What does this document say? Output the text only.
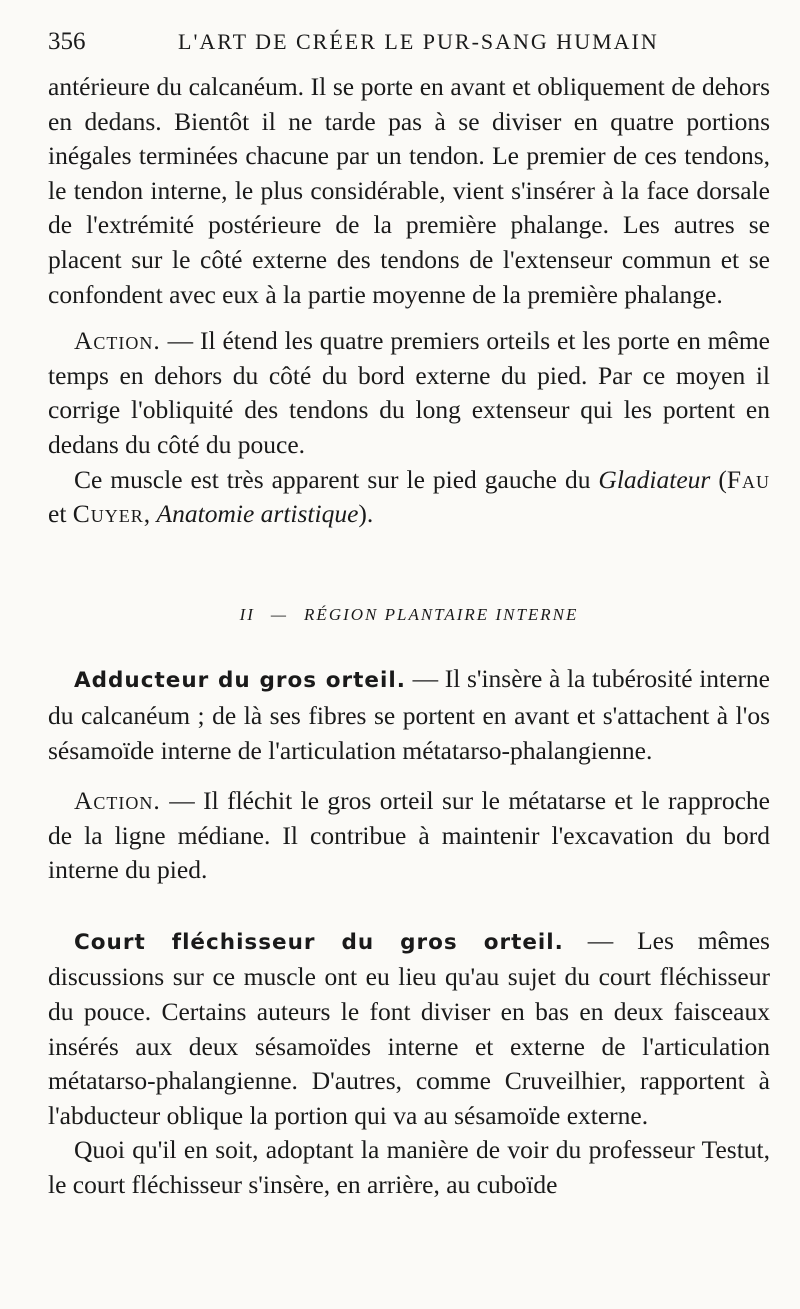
356	L'ART DE CRÉER LE PUR-SANG HUMAIN

antérieure du calcanéum. Il se porte en avant et obliquement de dehors en dedans. Bientôt il ne tarde pas à se diviser en quatre portions inégales terminées chacune par un tendon. Le premier de ces tendons, le tendon interne, le plus considérable, vient s'insérer à la face dorsale de l'extrémité postérieure de la première phalange. Les autres se placent sur le côté externe des tendons de l'extenseur commun et se confondent avec eux à la partie moyenne de la première phalange.

Action. — Il étend les quatre premiers orteils et les porte en même temps en dehors du côté du bord externe du pied. Par ce moyen il corrige l'obliquité des tendons du long extenseur qui les portent en dedans du côté du pouce.

Ce muscle est très apparent sur le pied gauche du Gladiateur (Fau et Cuyer, Anatomie artistique).

II — RÉGION PLANTAIRE INTERNE

Adducteur du gros orteil. — Il s'insère à la tubérosité interne du calcanéum ; de là ses fibres se portent en avant et s'attachent à l'os sésamoïde interne de l'articulation métatarso-phalangienne.

Action. — Il fléchit le gros orteil sur le métatarse et le rapproche de la ligne médiane. Il contribue à maintenir l'excavation du bord interne du pied.

Court fléchisseur du gros orteil. — Les mêmes discussions sur ce muscle ont eu lieu qu'au sujet du court fléchisseur du pouce. Certains auteurs le font diviser en bas en deux faisceaux insérés aux deux sésamoïdes interne et externe de l'articulation métatarso-phalangienne. D'autres, comme Cruveilhier, rapportent à l'abducteur oblique la portion qui va au sésamoïde externe.

Quoi qu'il en soit, adoptant la manière de voir du professeur Testut, le court fléchisseur s'insère, en arrière, au cuboïde
